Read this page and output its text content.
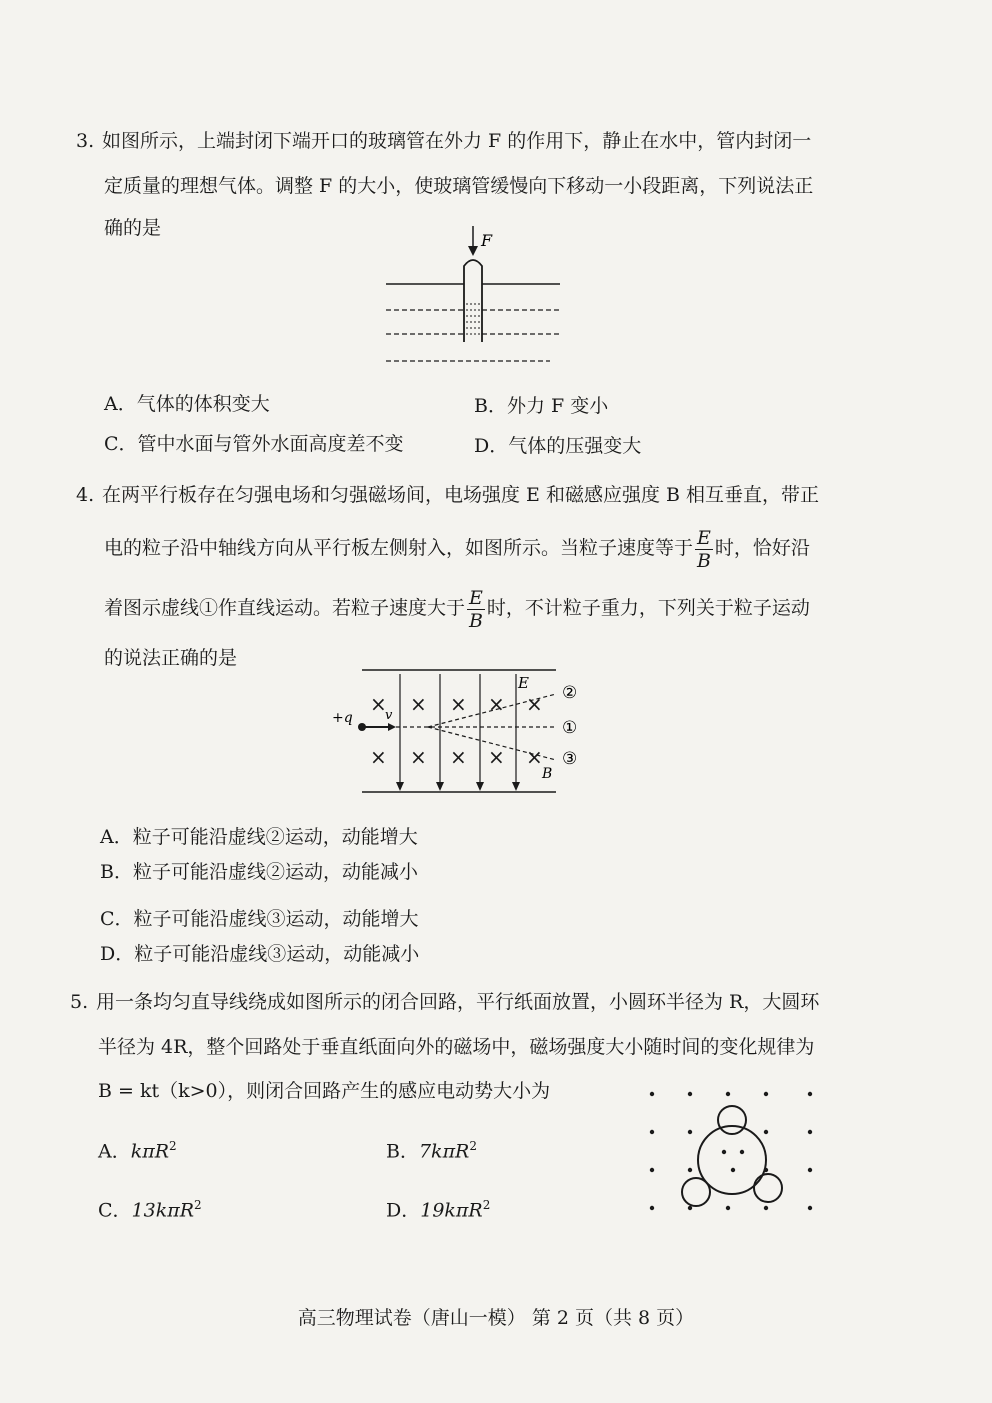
3. 如图所示，上端封闭下端开口的玻璃管在外力 F 的作用下，静止在水中，管内封闭一
定质量的理想气体。调整 F 的大小，使玻璃管缓慢向下移动一小段距离，下列说法正
确的是
F
A．气体的体积变大	B．外力 F 变小
C．管中水面与管外水面高度差不变	D．气体的压强变大
4. 在两平行板存在匀强电场和匀强磁场间，电场强度 E 和磁感应强度 B 相互垂直，带正
电的粒子沿中轴线方向从平行板左侧射入，如图所示。当粒子速度等于 $\frac{E}{B}$ 时，恰好沿
着图示虚线①作直线运动。若粒子速度大于 $\frac{E}{B}$ 时，不计粒子重力，下列关于粒子运动
的说法正确的是
E
× × × × ×
× × × × ×
v
+q
B
②
①
③
A．粒子可能沿虚线②运动，动能增大
B．粒子可能沿虚线②运动，动能减小
C．粒子可能沿虚线③运动，动能增大
D．粒子可能沿虚线③运动，动能减小
5. 用一条均匀直导线绕成如图所示的闭合回路，平行纸面放置，小圆环半径为 R，大圆环
半径为 4R，整个回路处于垂直纸面向外的磁场中，磁场强度大小随时间的变化规律为
B = kt（k>0），则闭合回路产生的感应电动势大小为
A．kπR$^2$	B．7kπR$^2$
C．13kπR$^2$	D．19kπR$^2$
高三物理试卷（唐山一模） 第 2 页（共 8 页）
